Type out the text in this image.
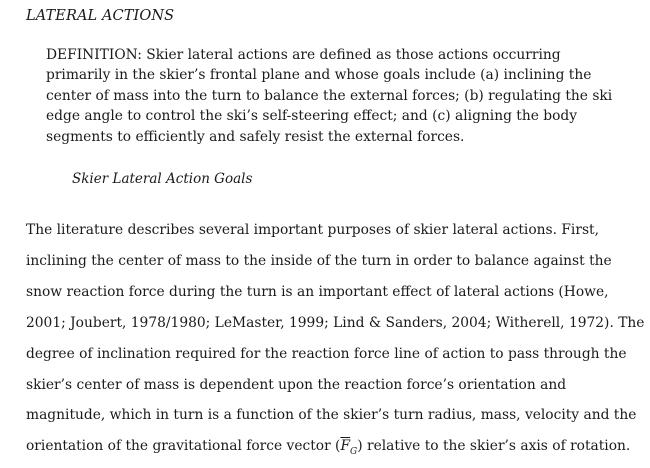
LATERAL ACTIONS

DEFINITION: Skier lateral actions are defined as those actions occurring
primarily in the skier’s frontal plane and whose goals include (a) inclining the
center of mass into the turn to balance the external forces; (b) regulating the ski
edge angle to control the ski’s self-steering effect; and (c) aligning the body
segments to efficiently and safely resist the external forces.

Skier Lateral Action Goals

The literature describes several important purposes of skier lateral actions. First,
inclining the center of mass to the inside of the turn in order to balance against the
snow reaction force during the turn is an important effect of lateral actions (Howe,
2001; Joubert, 1978/1980; LeMaster, 1999; Lind & Sanders, 2004; Witherell, 1972). The
degree of inclination required for the reaction force line of action to pass through the
skier’s center of mass is dependent upon the reaction force’s orientation and
magnitude, which in turn is a function of the skier’s turn radius, mass, velocity and the
orientation of the gravitational force vector $(\overline{F}_G)$ relative to the skier’s axis of rotation.
